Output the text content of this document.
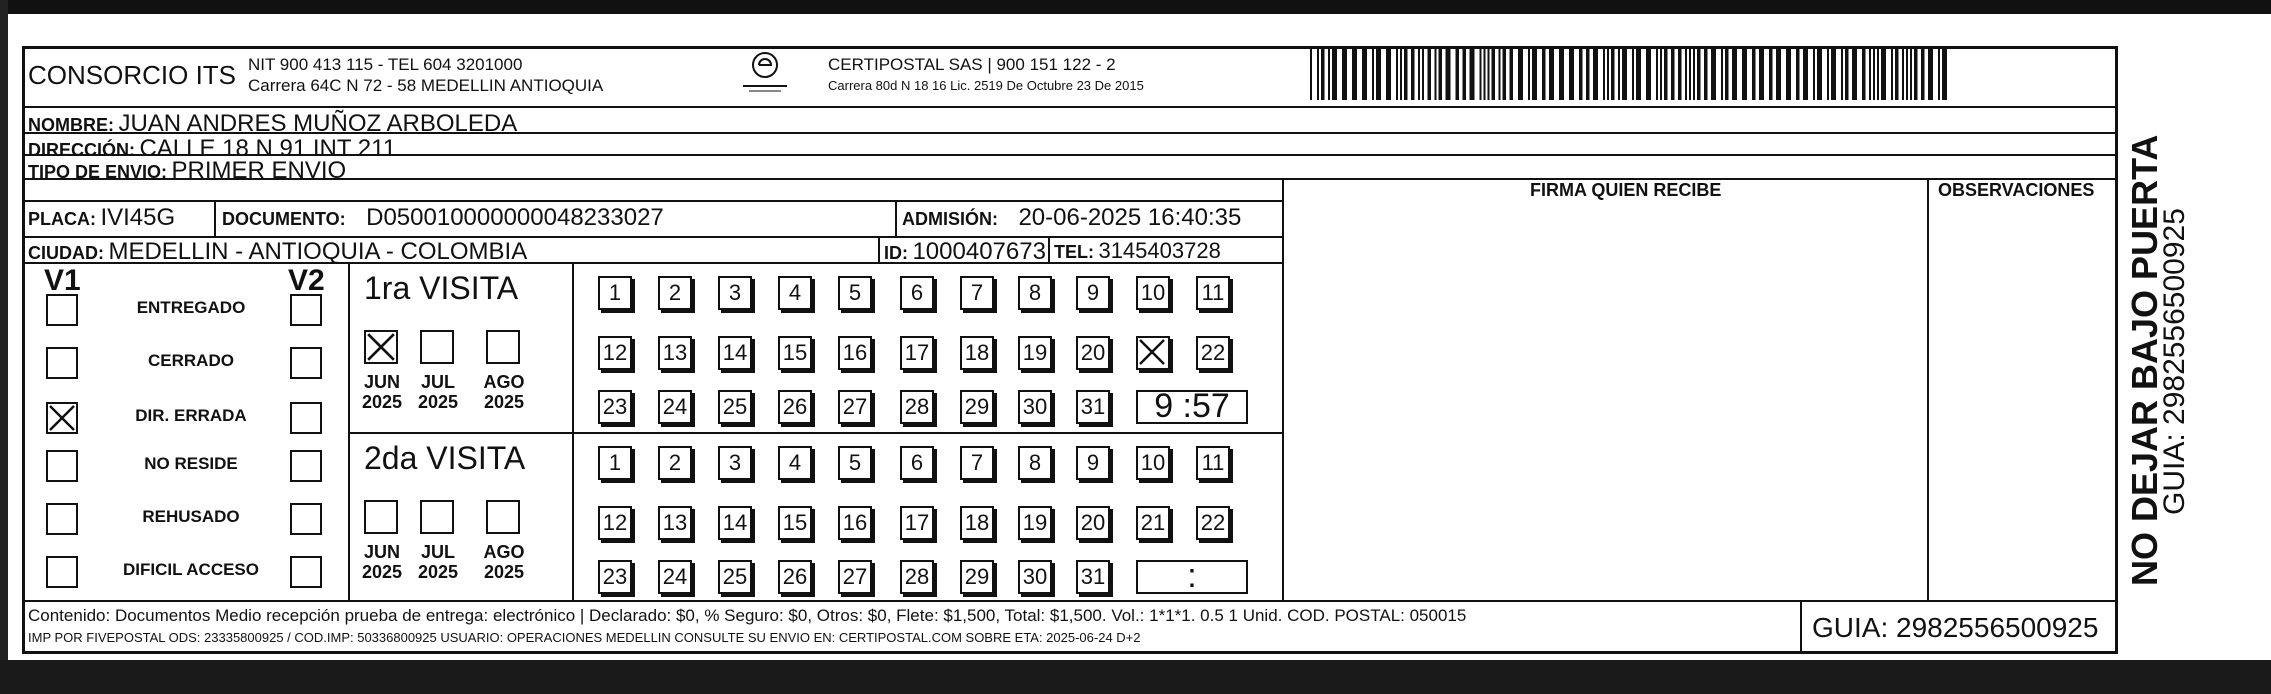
CONSORCIO ITS NIT 900 413 115 - TEL 604 3201000
Carrera 64C N 72 - 58 MEDELLIN ANTIOQUIA
CERTIPOSTAL SAS | 900 151 122 - 2
Carrera 80d N 18 16 Lic. 2519 De Octubre 23 De 2015
NOMBRE: JUAN ANDRES MUÑOZ ARBOLEDA
DIRECCIÓN: CALLE 18 N 91 INT 211
TIPO DE ENVIO: PRIMER ENVIO
FIRMA QUIEN RECIBE	OBSERVACIONES
PLACA: IVI45G	DOCUMENTO: D050010000000048233027	ADMISIÓN: 20-06-2025 16:40:35
CIUDAD: MEDELLIN - ANTIOQUIA - COLOMBIA	ID: 1000407673 TEL: 3145403728
V1	V2 1ra VISITA
2da VISITA
Contenido: Documentos Medio recepción prueba de entrega: electrónico | Declarado: $0, % Seguro: $0, Otros: $0, Flete: $1,500, Total: $1,500. Vol.: 1*1*1. 0.5 1 Unid. COD. POSTAL: 050015
IMP POR FIVEPOSTAL ODS: 23335800925 / COD.IMP: 50336800925 USUARIO: OPERACIONES MEDELLIN CONSULTE SU ENVIO EN: CERTIPOSTAL.COM SOBRE ETA: 2025-06-24 D+2	GUIA: 2982556500925
NO DEJAR BAJO PUERTA
GUIA: 2982556500925
ENTREGADO
CERRADO
DIR. ERRADA
NO RESIDE
REHUSADO
DIFICIL ACCESO
JUN
2025
JUL
2025
AGO
2025
JUN
2025
JUL
2025
AGO
2025
1	2	3	4	5	6	7	8	9	10 11
12 13 14 15 16 17 18 19 20	22
23 24 25 26 27 28 29 30 31	9 :57
1	2	3	4	5	6	7	8	9	10 11
12 13 14 15 16 17 18 19 20 21 22
23 24 25 26 27 28 29 30 31	:
